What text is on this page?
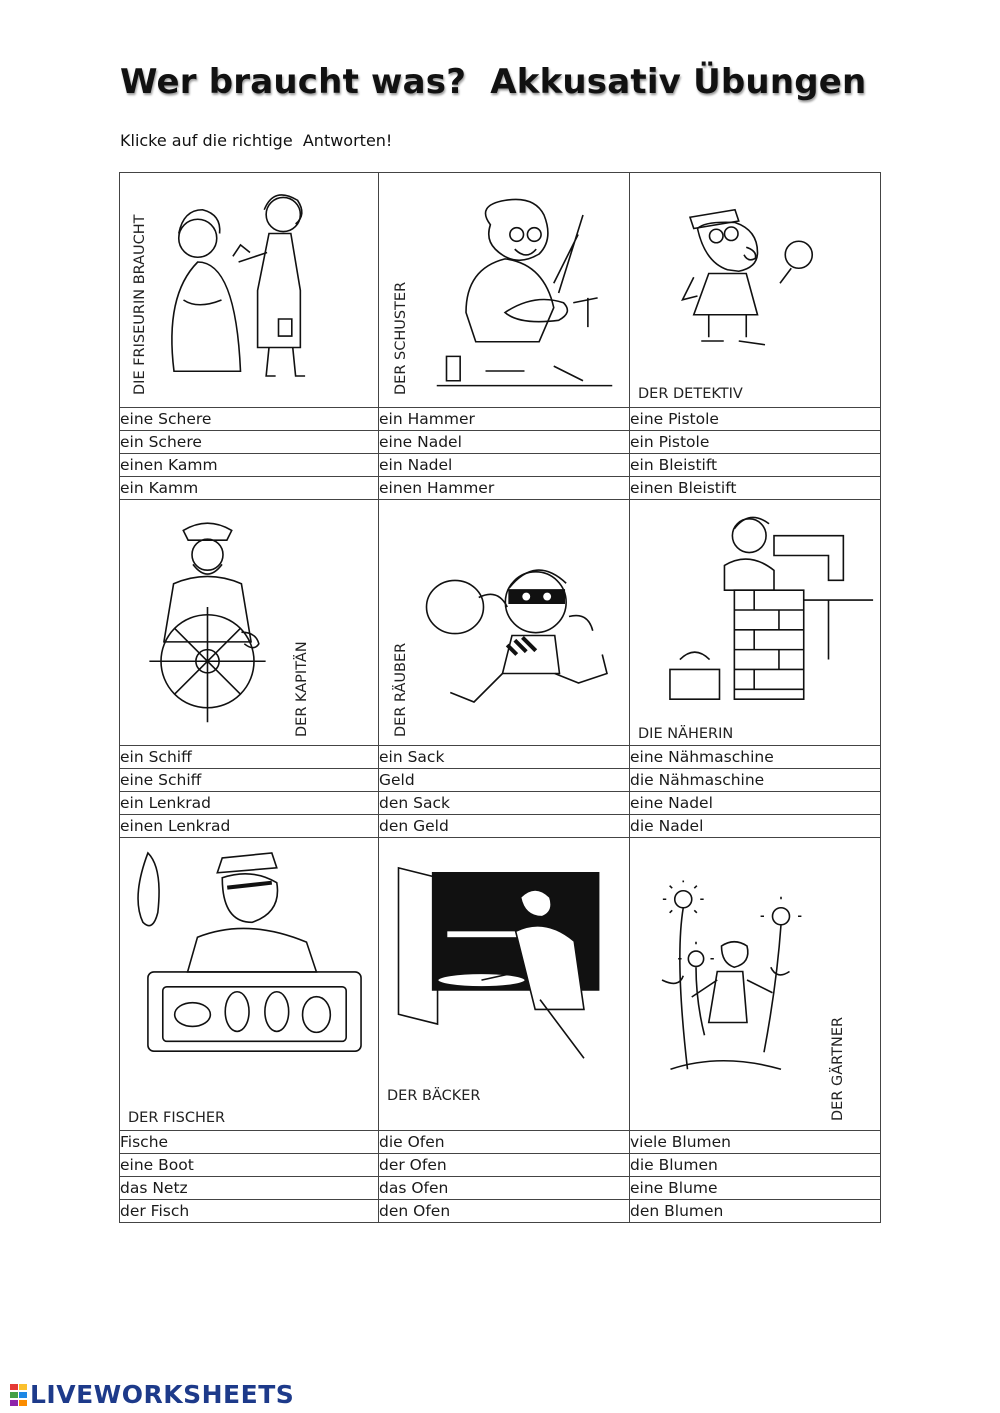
Wer braucht was?  Akkusativ Übungen
Klicke auf die richtige  Antworten!
DIE FRISEURIN BRAUCHT	DER SCHUSTER	DER DETEKTIV

eine Schere	ein Hammer	eine Pistole
ein Schere	eine Nadel	ein Pistole
einen Kamm	ein Nadel	ein Bleistift
ein Kamm	einen Hammer	einen Bleistift

DER KAPITÄN	DER RÄUBER	DIE NÄHERIN

ein Schiff	ein Sack	eine Nähmaschine
eine Schiff	Geld	die Nähmaschine
ein Lenkrad	den Sack	eine Nadel
einen Lenkrad	den Geld	die Nadel

DER FISCHER	DER BÄCKER	DER GÄRTNER

Fische	die Ofen	viele Blumen
eine Boot	der Ofen	die Blumen
das Netz	das Ofen	eine Blume
der Fisch	den Ofen	den Blumen
LIVEWORKSHEETS
